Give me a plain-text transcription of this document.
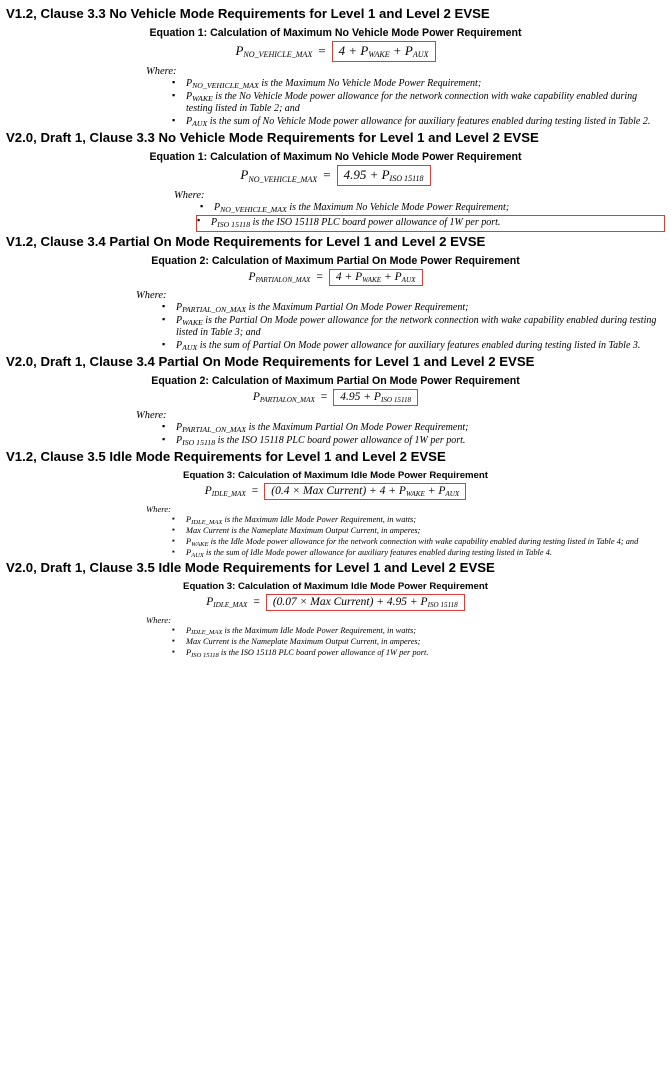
V1.2, Clause 3.3 No Vehicle Mode Requirements for Level 1 and Level 2 EVSE
Equation 1: Calculation of Maximum No Vehicle Mode Power Requirement
$P_{NO\_VEHICLE\_MAX}$ =	$4 + P_{WAKE} + P_{AUX}$
Where:
▪ $P_{NO\_VEHICLE\_MAX}$ is the Maximum No Vehicle Mode Power Requirement;
▪ $P_{WAKE}$ is the No Vehicle Mode power allowance for the network connection with wake capability enabled during testing listed in Table 2; and
▪ $P_{AUX}$ is the sum of No Vehicle Mode power allowance for auxiliary features enabled during testing listed in Table 2.
V2.0, Draft 1, Clause 3.3 No Vehicle Mode Requirements for Level 1 and Level 2 EVSE
Equation 1: Calculation of Maximum No Vehicle Mode Power Requirement
$P_{NO\_VEHICLE\_MAX}$ =	$4.95 + P_{ISO 15118}$
Where:
▪ $P_{NO\_VEHICLE\_MAX}$ is the Maximum No Vehicle Mode Power Requirement;
▪ $P_{ISO 15118}$ is the ISO 15118 PLC board power allowance of 1W per port.
V1.2, Clause 3.4 Partial On Mode Requirements for Level 1 and Level 2 EVSE
Equation 2: Calculation of Maximum Partial On Mode Power Requirement
$P_{PARTIALON\_MAX}$ =	$4 + P_{WAKE} + P_{AUX}$
Where:
▪ $P_{PARTIAL\_ON\_MAX}$ is the Maximum Partial On Mode Power Requirement;
▪ $P_{WAKE}$ is the Partial On Mode power allowance for the network connection with wake capability enabled during testing listed in Table 3; and
▪ $P_{AUX}$ is the sum of Partial On Mode power allowance for auxiliary features enabled during testing listed in Table 3.
V2.0, Draft 1, Clause 3.4 Partial On Mode Requirements for Level 1 and Level 2 EVSE
Equation 2: Calculation of Maximum Partial On Mode Power Requirement
$P_{PARTIALON\_MAX}$ =	$4.95 + P_{ISO 15118}$
Where:
▪ $P_{PARTIAL\_ON\_MAX}$ is the Maximum Partial On Mode Power Requirement;
▪ $P_{ISO 15118}$ is the ISO 15118 PLC board power allowance of 1W per port.
V1.2, Clause 3.5 Idle Mode Requirements for Level 1 and Level 2 EVSE
Equation 3: Calculation of Maximum Idle Mode Power Requirement
$P_{IDLE\_MAX}$ =	(0.4 × Max Current) + $4 + P_{WAKE} + P_{AUX}$
Where:
▪ $P_{IDLE\_MAX}$ is the Maximum Idle Mode Power Requirement, in watts;
▪ Max Current is the Nameplate Maximum Output Current, in amperes;
▪ $P_{WAKE}$ is the Idle Mode power allowance for the network connection with wake capability enabled during testing listed in Table 4; and
▪ $P_{AUX}$ is the sum of Idle Mode power allowance for auxiliary features enabled during testing listed in Table 4.
V2.0, Draft 1, Clause 3.5 Idle Mode Requirements for Level 1 and Level 2 EVSE
Equation 3: Calculation of Maximum Idle Mode Power Requirement
$P_{IDLE\_MAX}$ =	(0.07 × Max Current) + $4.95 + P_{ISO 15118}$
Where:
▪ $P_{IDLE\_MAX}$ is the Maximum Idle Mode Power Requirement, in watts;
▪ Max Current is the Nameplate Maximum Output Current, in amperes;
▪ $P_{ISO 15118}$ is the ISO 15118 PLC board power allowance of 1W per port.
